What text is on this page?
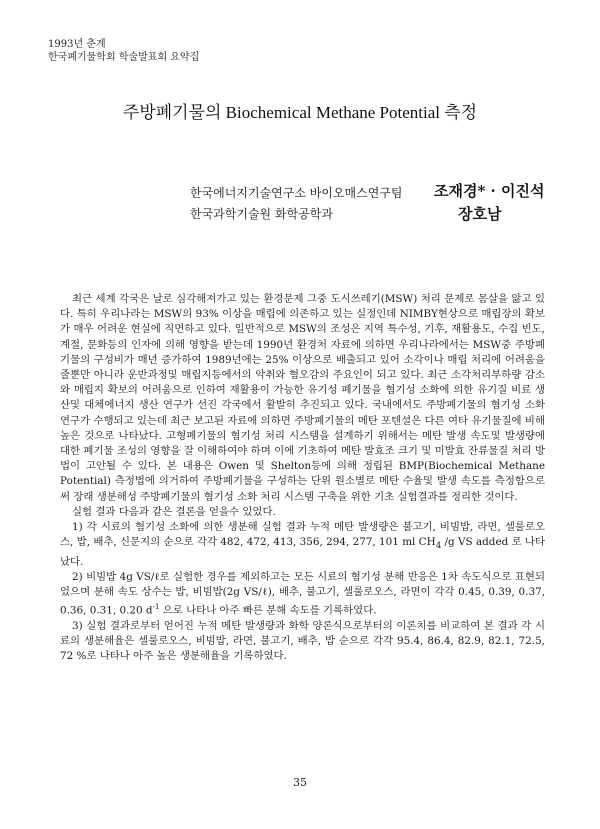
1993년 춘계
한국폐기물학회 학술발표회 요약집
주방폐기물의 Biochemical Methane Potential 측정
한국에너지기술연구소 바이오매스연구팀
한국과학기술원 화학공학과
조재경* · 이진석
장호남

최근 세계 각국은 날로 심각해져가고 있는 환경문제 그중 도시쓰레기(MSW) 처리 문제로 몸살을 앓고 있다. 특히 우리나라는 MSW의 93% 이상을 매립에 의존하고 있는 실정인데 NIMBY현상으로 매립장의 확보가 매우 어려운 현실에 직면하고 있다. 일반적으로 MSW의 조성은 지역 특수성, 기후, 재활용도, 수집 빈도, 계절, 문화등의 인자에 의해 영향을 받는데 1990년 환경처 자료에 의하면 우리나라에서는 MSW중 주방폐기물의 구성비가 매년 증가하여 1989년에는 25% 이상으로 배출되고 있어 소각이나 매립 처리에 어려움을 줄뿐만 아니라 운반과정및 매립지등에서의 악취와 혐오감의 주요인이 되고 있다. 최근 소각처리부하량 감소와 매립지 확보의 어려움으로 인하여 재활용이 가능한 유기성 폐기물을 혐기성 소화에 의한 유기질 비료 생산및 대체에너지 생산 연구가 선진 각국에서 활발히 추진되고 있다. 국내에서도 주방폐기물의 혐기성 소화 연구가 수행되고 있는데 최근 보고된 자료에 의하면 주방폐기물의 메탄 포텐셜은 다른 여타 유기물질에 비해 높은 것으로 나타났다. 고형폐기물의 혐기성 처리 시스템을 설계하기 위해서는 메탄 발생 속도및 발생량에 대한 폐기물 조성의 영향을 잘 이해하여야 하며 이에 기초하여 메탄 발효조 크기 및 미발효 잔류물질 처리 방법이 고안될 수 있다. 본 내용은 Owen 및 Shelton등에 의해 정립된 BMP(Biochemical Methane Potential) 측정법에 의거하여 주방폐기물을 구성하는 단위 원소별로 메탄 수율및 발생 속도를 측정함으로써 장래 생분해성 주방폐기물의 혐기성 소화 처리 시스템 구축을 위한 기초 실험결과를 정리한 것이다.

실험 결과 다음과 같은 결론을 얻을수 있었다.

1) 각 시료의 혐기성 소화에 의한 생분해 실험 결과 누적 메탄 발생량은 불고기, 비빔밥, 라면, 셀룰로오스, 밥, 배추, 신문지의 순으로 각각 482, 472, 413, 356, 294, 277, 101 ml $CH_4$ /g VS added 로 나타났다.

2) 비빔밥 4g VS/ℓ로 실험한 경우를 제외하고는 모든 시료의 혐기성 분해 반응은 1차 속도식으로 표현되었으며 분해 속도 상수는 밥, 비빔밥(2g VS/ℓ), 배추, 불고기, 셀룰로오스, 라면이 각각 0.45, 0.39, 0.37, 0.36, 0.31, 0.20 $d^{-1}$ 으로 나타나 아주 빠른 분해 속도를 기록하였다.

3) 실험 결과로부터 얻어진 누적 메탄 발생량과 화학 양론식으로부터의 이론치를 비교하여 본 결과 각 시료의 생분해율은 셀룰로오스, 비빔밥, 라면, 불고기, 배추, 밥 순으로 각각 95.4, 86.4, 82.9, 82.1, 72.5, 72 %로 나타나 아주 높은 생분해율을 기록하였다.

35
